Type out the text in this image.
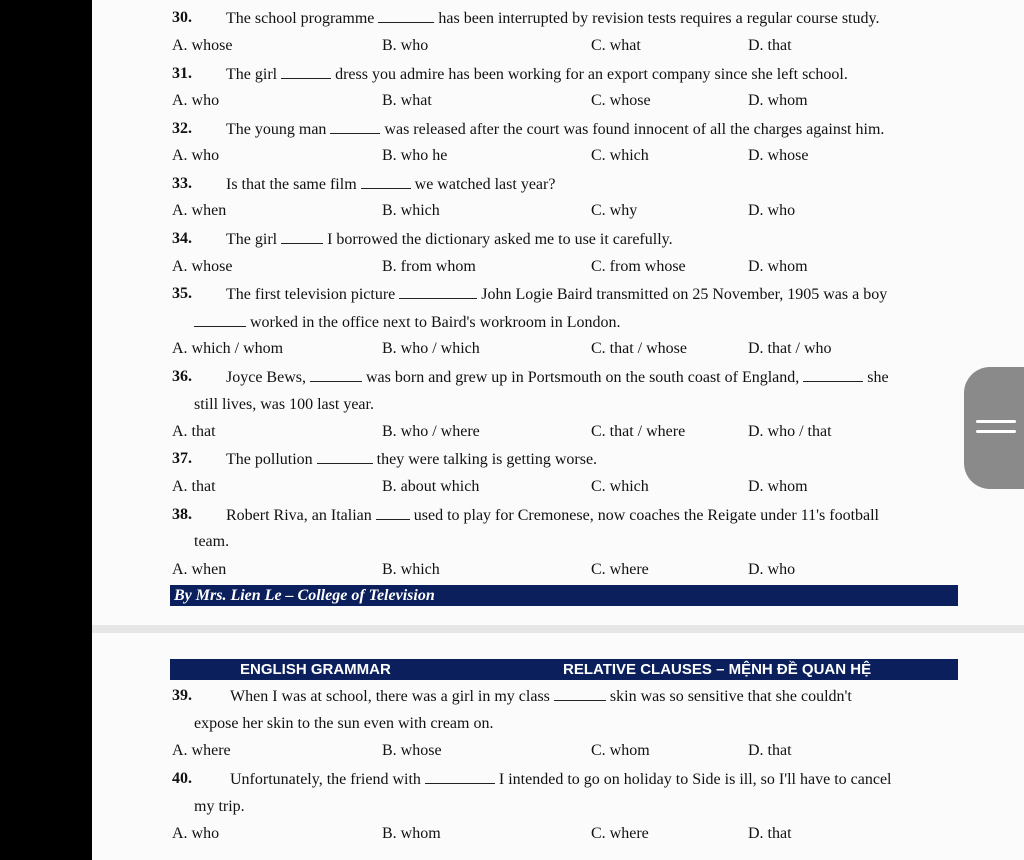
30. The school programme	has been interrupted by revision tests requires a regular course study.
A. whose	B. who	C. what	D. that
31. The girl	dress you admire has been working for an export company since she left school.
A. who	B. what	C. whose	D. whom
32. The young man	was released after the court was found innocent of all the charges against him.
A. who	B. who he	C. which	D. whose
33. Is that the same film	we watched last year?
A. when	B. which	C. why	D. who
34. The girl	I borrowed the dictionary asked me to use it carefully.
A. whose	B. from whom	C. from whose	D. whom
35. The first television picture	John Logie Baird transmitted on 25 November, 1905 was a boy
worked in the office next to Baird's workroom in London.
A. which / whom	B. who / which	C. that / whose	D. that / who
36. Joyce Bews,	was born and grew up in Portsmouth on the south coast of England,	she
still lives, was 100 last year.
A. that	B. who / where	C. that / where	D. who / that
37. The pollution	they were talking is getting worse.
A. that	B. about which	C. which	D. whom
38. Robert Riva, an Italian  used to play for Cremonese, now coaches the Reigate under 11's football
team.
A. when	B. which	C. where	D. who
By Mrs. Lien Le – College of Television
ENGLISH GRAMMAR	RELATIVE CLAUSES – MỆNH ĐỀ QUAN HỆ
39. When I was at school, there was a girl in my class	skin was so sensitive that she couldn't
expose her skin to the sun even with cream on.
A. where	B. whose	C. whom	D. that
40. Unfortunately, the friend with	I intended to go on holiday to Side is ill, so I'll have to cancel
my trip.
A. who	B. whom	C. where	D. that
